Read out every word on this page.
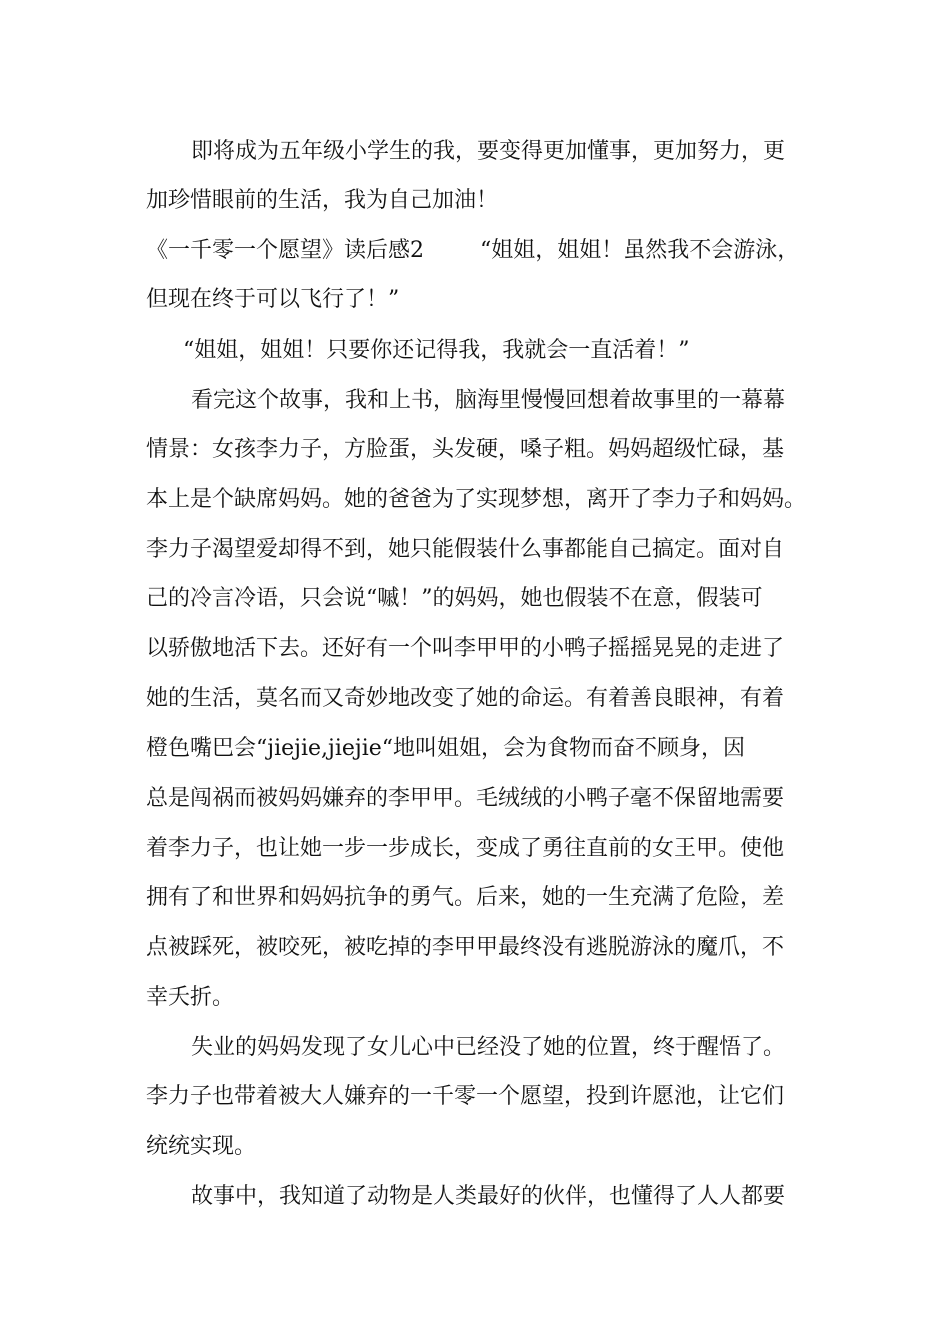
即将成为五年级小学生的我，要变得更加懂事，更加努力，更
加珍惜眼前的生活，我为自己加油！
《一千零一个愿望》读后感2	“姐姐，姐姐！虽然我不会游泳，
但现在终于可以飞行了！”
“姐姐，姐姐！只要你还记得我，我就会一直活着！”
看完这个故事，我和上书，脑海里慢慢回想着故事里的一幕幕
情景：女孩李力子，方脸蛋，头发硬，嗓子粗。妈妈超级忙碌，基
本上是个缺席妈妈。她的爸爸为了实现梦想，离开了李力子和妈妈。
李力子渴望爱却得不到，她只能假装什么事都能自己搞定。面对自
己的冷言冷语，只会说“嘁！”的妈妈，她也假装不在意，假装可
以骄傲地活下去。还好有一个叫李甲甲的小鸭子摇摇晃晃的走进了
她的生活，莫名而又奇妙地改变了她的命运。有着善良眼神，有着
橙色嘴巴会“jiejie,jiejie“地叫姐姐，会为食物而奋不顾身，因
总是闯祸而被妈妈嫌弃的李甲甲。毛绒绒的小鸭子毫不保留地需要
着李力子，也让她一步一步成长，变成了勇往直前的女王甲。使他
拥有了和世界和妈妈抗争的勇气。后来，她的一生充满了危险，差
点被踩死，被咬死，被吃掉的李甲甲最终没有逃脱游泳的魔爪，不
幸夭折。
失业的妈妈发现了女儿心中已经没了她的位置，终于醒悟了。
李力子也带着被大人嫌弃的一千零一个愿望，投到许愿池，让它们
统统实现。
故事中，我知道了动物是人类最好的伙伴，也懂得了人人都要
